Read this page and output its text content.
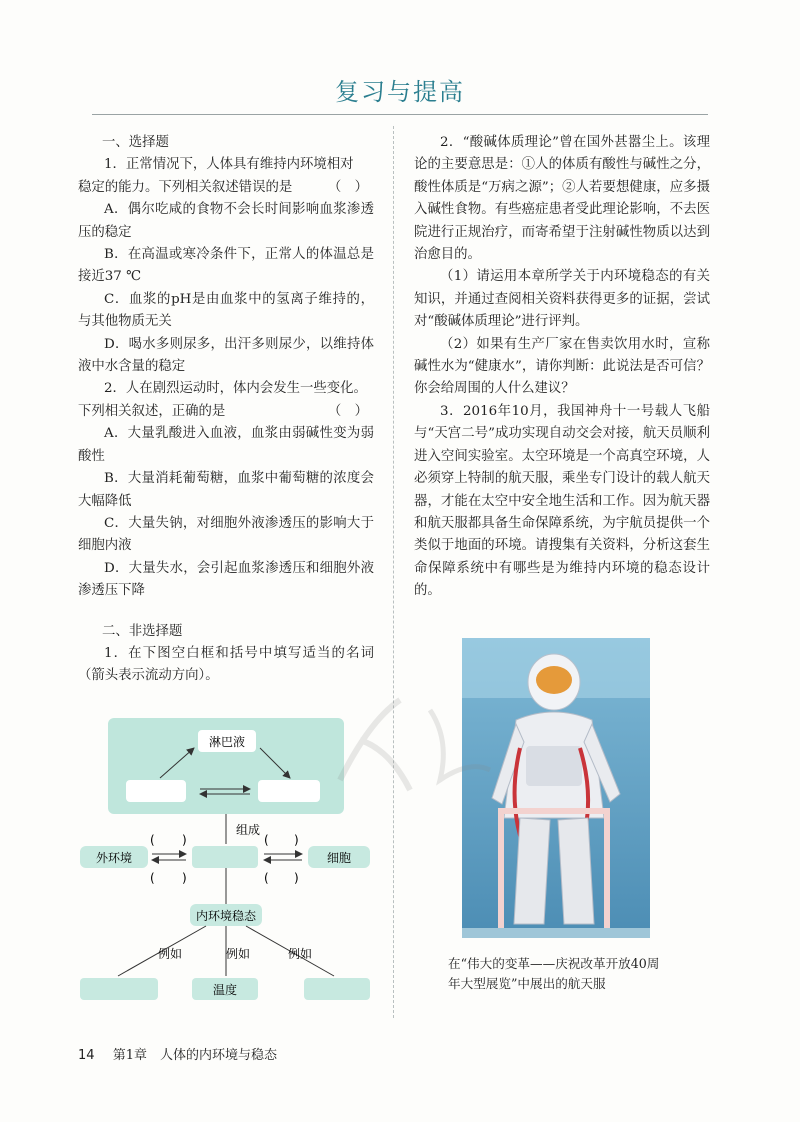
复习与提高

一、选择题

1．正常情况下，人体具有维持内环境相对

稳定的能力。下列相关叙述错误的是	（　）

A．偶尔吃咸的食物不会长时间影响血浆渗透压的稳定

B．在高温或寒冷条件下，正常人的体温总是接近37 ℃

C．血浆的pH是由血浆中的氢离子维持的，与其他物质无关

D．喝水多则尿多，出汗多则尿少，以维持体液中水含量的稳定

2．人在剧烈运动时，体内会发生一些变化。

下列相关叙述，正确的是	（　）

A．大量乳酸进入血液，血浆由弱碱性变为弱酸性

B．大量消耗葡萄糖，血浆中葡萄糖的浓度会大幅降低

C．大量失钠，对细胞外液渗透压的影响大于细胞内液

D．大量失水，会引起血浆渗透压和细胞外液渗透压下降

二、非选择题

1．在下图空白框和括号中填写适当的名词（箭头表示流动方向）。

淋巴液
组成
外环境	细胞
( )
( )
( )
( )
内环境稳态
例如	例如	例如
温度

2．“酸碱体质理论”曾在国外甚嚣尘上。该理论的主要意思是：①人的体质有酸性与碱性之分，酸性体质是“万病之源”；②人若要想健康，应多摄入碱性食物。有些癌症患者受此理论影响，不去医院进行正规治疗，而寄希望于注射碱性物质以达到治愈目的。

（1）请运用本章所学关于内环境稳态的有关知识，并通过查阅相关资料获得更多的证据，尝试对“酸碱体质理论”进行评判。

（2）如果有生产厂家在售卖饮用水时，宣称碱性水为“健康水”，请你判断：此说法是否可信？你会给周围的人什么建议？

3．2016年10月，我国神舟十一号载人飞船与“天宫二号”成功实现自动交会对接，航天员顺利进入空间实验室。太空环境是一个高真空环境，人必须穿上特制的航天服，乘坐专门设计的载人航天器，才能在太空中安全地生活和工作。因为航天器和航天服都具备生命保障系统，为宇航员提供一个类似于地面的环境。请搜集有关资料，分析这套生命保障系统中有哪些是为维持内环境的稳态设计的。

在“伟大的变革——庆祝改革开放40周
年大型展览”中展出的航天服
14 第1章　人体的内环境与稳态
